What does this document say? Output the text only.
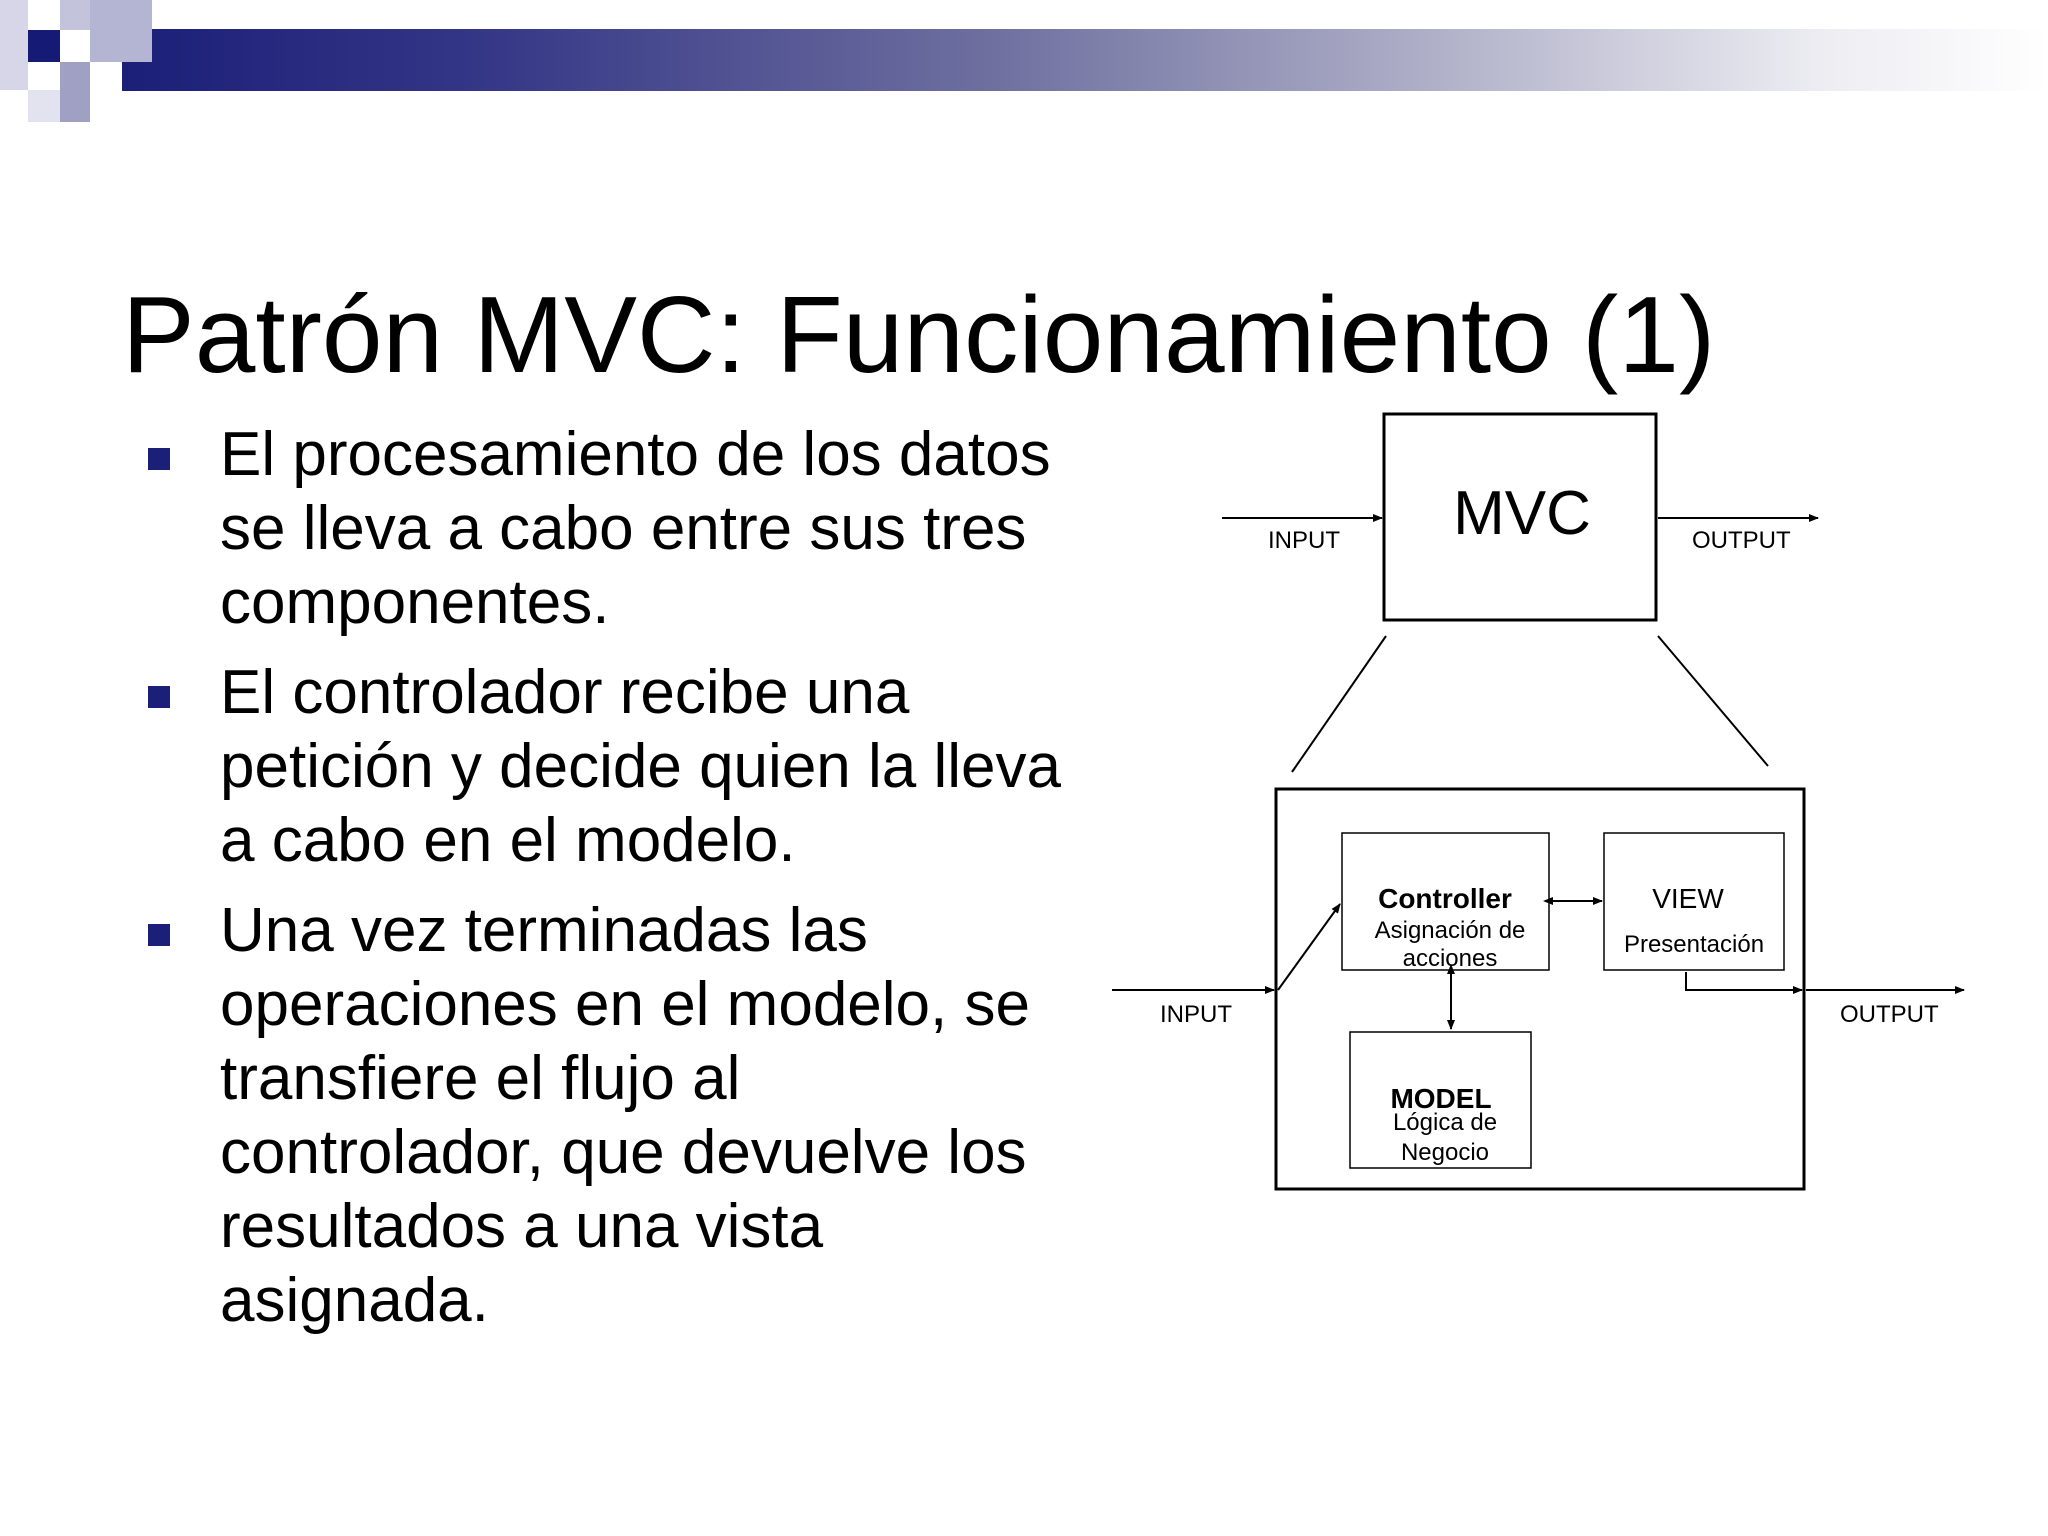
Patrón MVC: Funcionamiento (1)
El procesamiento de los datos se lleva a cabo entre sus tres componentes.
El controlador recibe una petición y decide quien la lleva a cabo en el modelo.
Una vez terminadas las operaciones en el modelo, se transfiere el flujo al controlador, que devuelve los resultados a una vista asignada.
MVC
INPUT	OUTPUT
Controller
Asignación de
acciones
VIEW
Presentación
MODEL
Lógica de
Negocio
INPUT	OUTPUT
